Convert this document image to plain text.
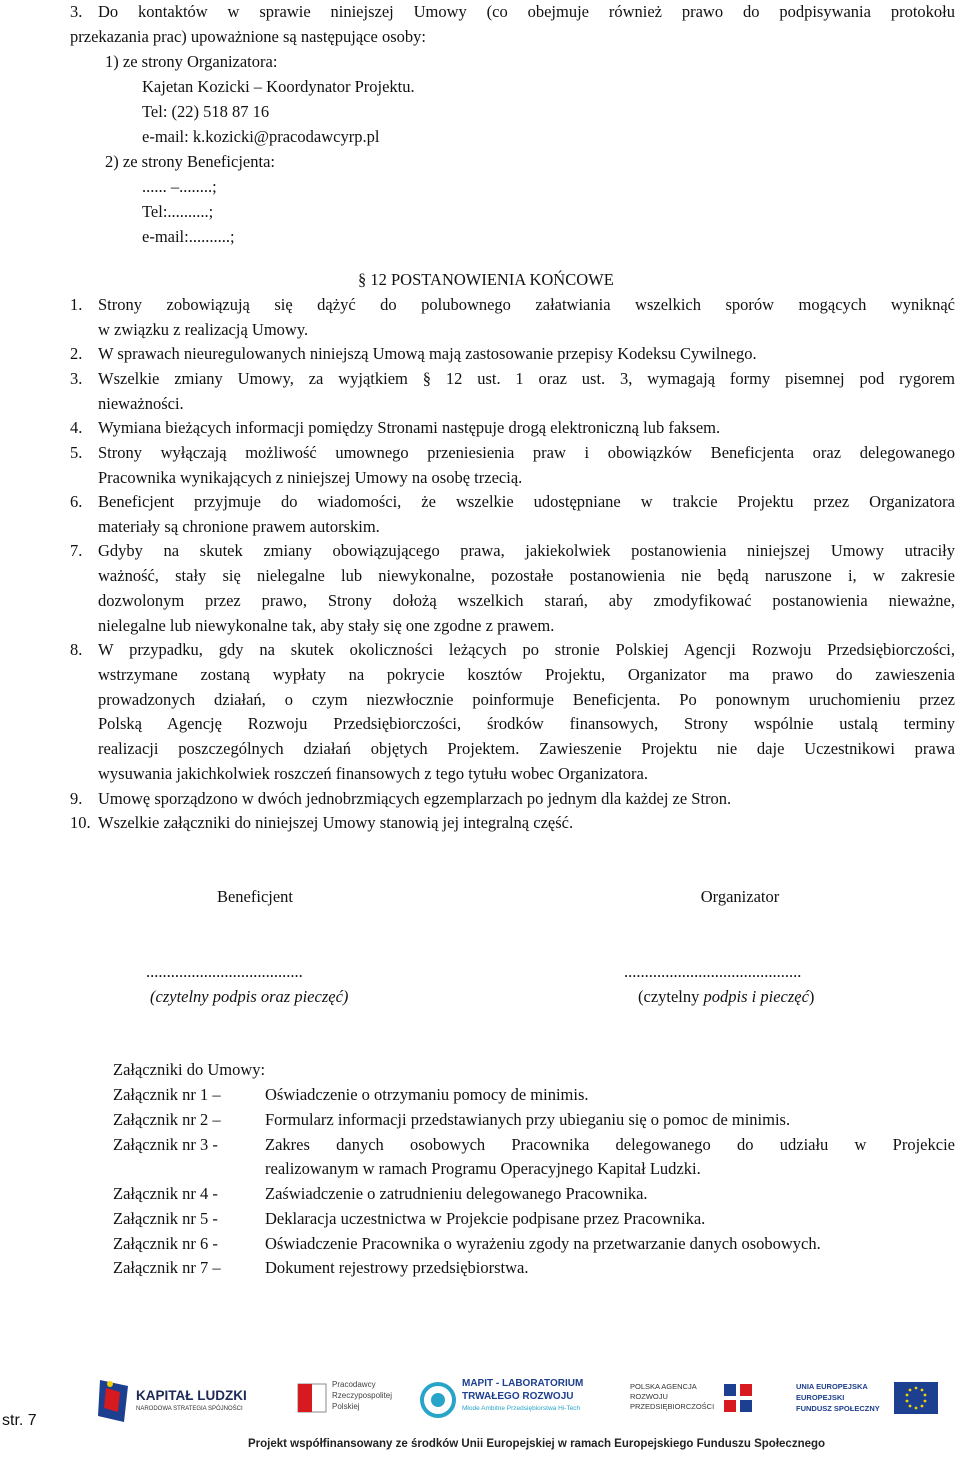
3. Do kontaktów w sprawie niniejszej Umowy (co obejmuje również prawo do podpisywania protokołu
przekazania prac) upoważnione są następujące osoby:
1) ze strony Organizatora:
Kajetan Kozicki – Koordynator Projektu.
Tel: (22) 518 87 16
e-mail: k.kozicki@pracodawcyrp.pl
2) ze strony Beneficjenta:
...... –........;
Tel:..........;
e-mail:..........;
§ 12 POSTANOWIENIA KOŃCOWE
1. Strony zobowiązują się dążyć do polubownego załatwiania wszelkich sporów mogących wyniknąć
w związku z realizacją Umowy.
2. W sprawach nieuregulowanych niniejszą Umową mają zastosowanie przepisy Kodeksu Cywilnego.
3. Wszelkie zmiany Umowy, za wyjątkiem § 12 ust. 1 oraz ust. 3, wymagają formy pisemnej pod rygorem
nieważności.
4. Wymiana bieżących informacji pomiędzy Stronami następuje drogą elektroniczną lub faksem.
5. Strony wyłączają możliwość umownego przeniesienia praw i obowiązków Beneficjenta oraz delegowanego
Pracownika wynikających z niniejszej Umowy na osobę trzecią.
6. Beneficjent przyjmuje do wiadomości, że wszelkie udostępniane w trakcie Projektu przez Organizatora
materiały są chronione prawem autorskim.
7. Gdyby na skutek zmiany obowiązującego prawa, jakiekolwiek postanowienia niniejszej Umowy utraciły
ważność, stały się nielegalne lub niewykonalne, pozostałe postanowienia nie będą naruszone i, w zakresie
dozwolonym przez prawo, Strony dołożą wszelkich starań, aby zmodyfikować postanowienia nieważne,
nielegalne lub niewykonalne tak, aby stały się one zgodne z prawem.
8. W przypadku, gdy na skutek okoliczności leżących po stronie Polskiej Agencji Rozwoju Przedsiębiorczości,
wstrzymane zostaną wypłaty na pokrycie kosztów Projektu, Organizator ma prawo do zawieszenia
prowadzonych działań, o czym niezwłocznie poinformuje Beneficjenta. Po ponownym uruchomieniu przez
Polską Agencję Rozwoju Przedsiębiorczości, środków finansowych, Strony wspólnie ustalą terminy
realizacji poszczególnych działań objętych Projektem. Zawieszenie Projektu nie daje Uczestnikowi prawa
wysuwania jakichkolwiek roszczeń finansowych z tego tytułu wobec Organizatora.
9. Umowę sporządzono w dwóch jednobrzmiących egzemplarzach po jednym dla każdej ze Stron.
10. Wszelkie załączniki do niniejszej Umowy stanowią jej integralną część.
Beneficjent	Organizator
......................................	...........................................
(czytelny podpis oraz pieczęć)	(czytelny podpis i pieczęć)
Załączniki do Umowy:
Załącznik nr 1 –	Oświadczenie o otrzymaniu pomocy de minimis.
Załącznik nr 2 –	Formularz informacji przedstawianych przy ubieganiu się o pomoc de minimis.
Załącznik nr 3 -	Zakres danych osobowych Pracownika delegowanego do udziału w Projekcie
realizowanym w ramach Programu Operacyjnego Kapitał Ludzki.
Załącznik nr 4 -	Zaświadczenie o zatrudnieniu delegowanego Pracownika.
Załącznik nr 5 -	Deklaracja uczestnictwa w Projekcie podpisane przez Pracownika.
Załącznik nr 6 -	Oświadczenie Pracownika o wyrażeniu zgody na przetwarzanie danych osobowych.
Załącznik nr 7 –	Dokument rejestrowy przedsiębiorstwa.
str. 7
KAPITAŁ LUDZKI
NARODOWA STRATEGIA SPÓJNOŚCI
Pracodawcy
Rzeczypospolitej
Polskiej
MAPIT - LABORATORIUM
TRWAŁEGO ROZWOJU
Młode Ambitne Przedsiębiorstwa Hi-Tech
POLSKA AGENCJA
ROZWOJU
PRZEDSIĘBIORCZOŚCI
UNIA EUROPEJSKA
EUROPEJSKI
FUNDUSZ SPOŁECZNY
Projekt współfinansowany ze środków Unii Europejskiej w ramach Europejskiego Funduszu Społecznego
